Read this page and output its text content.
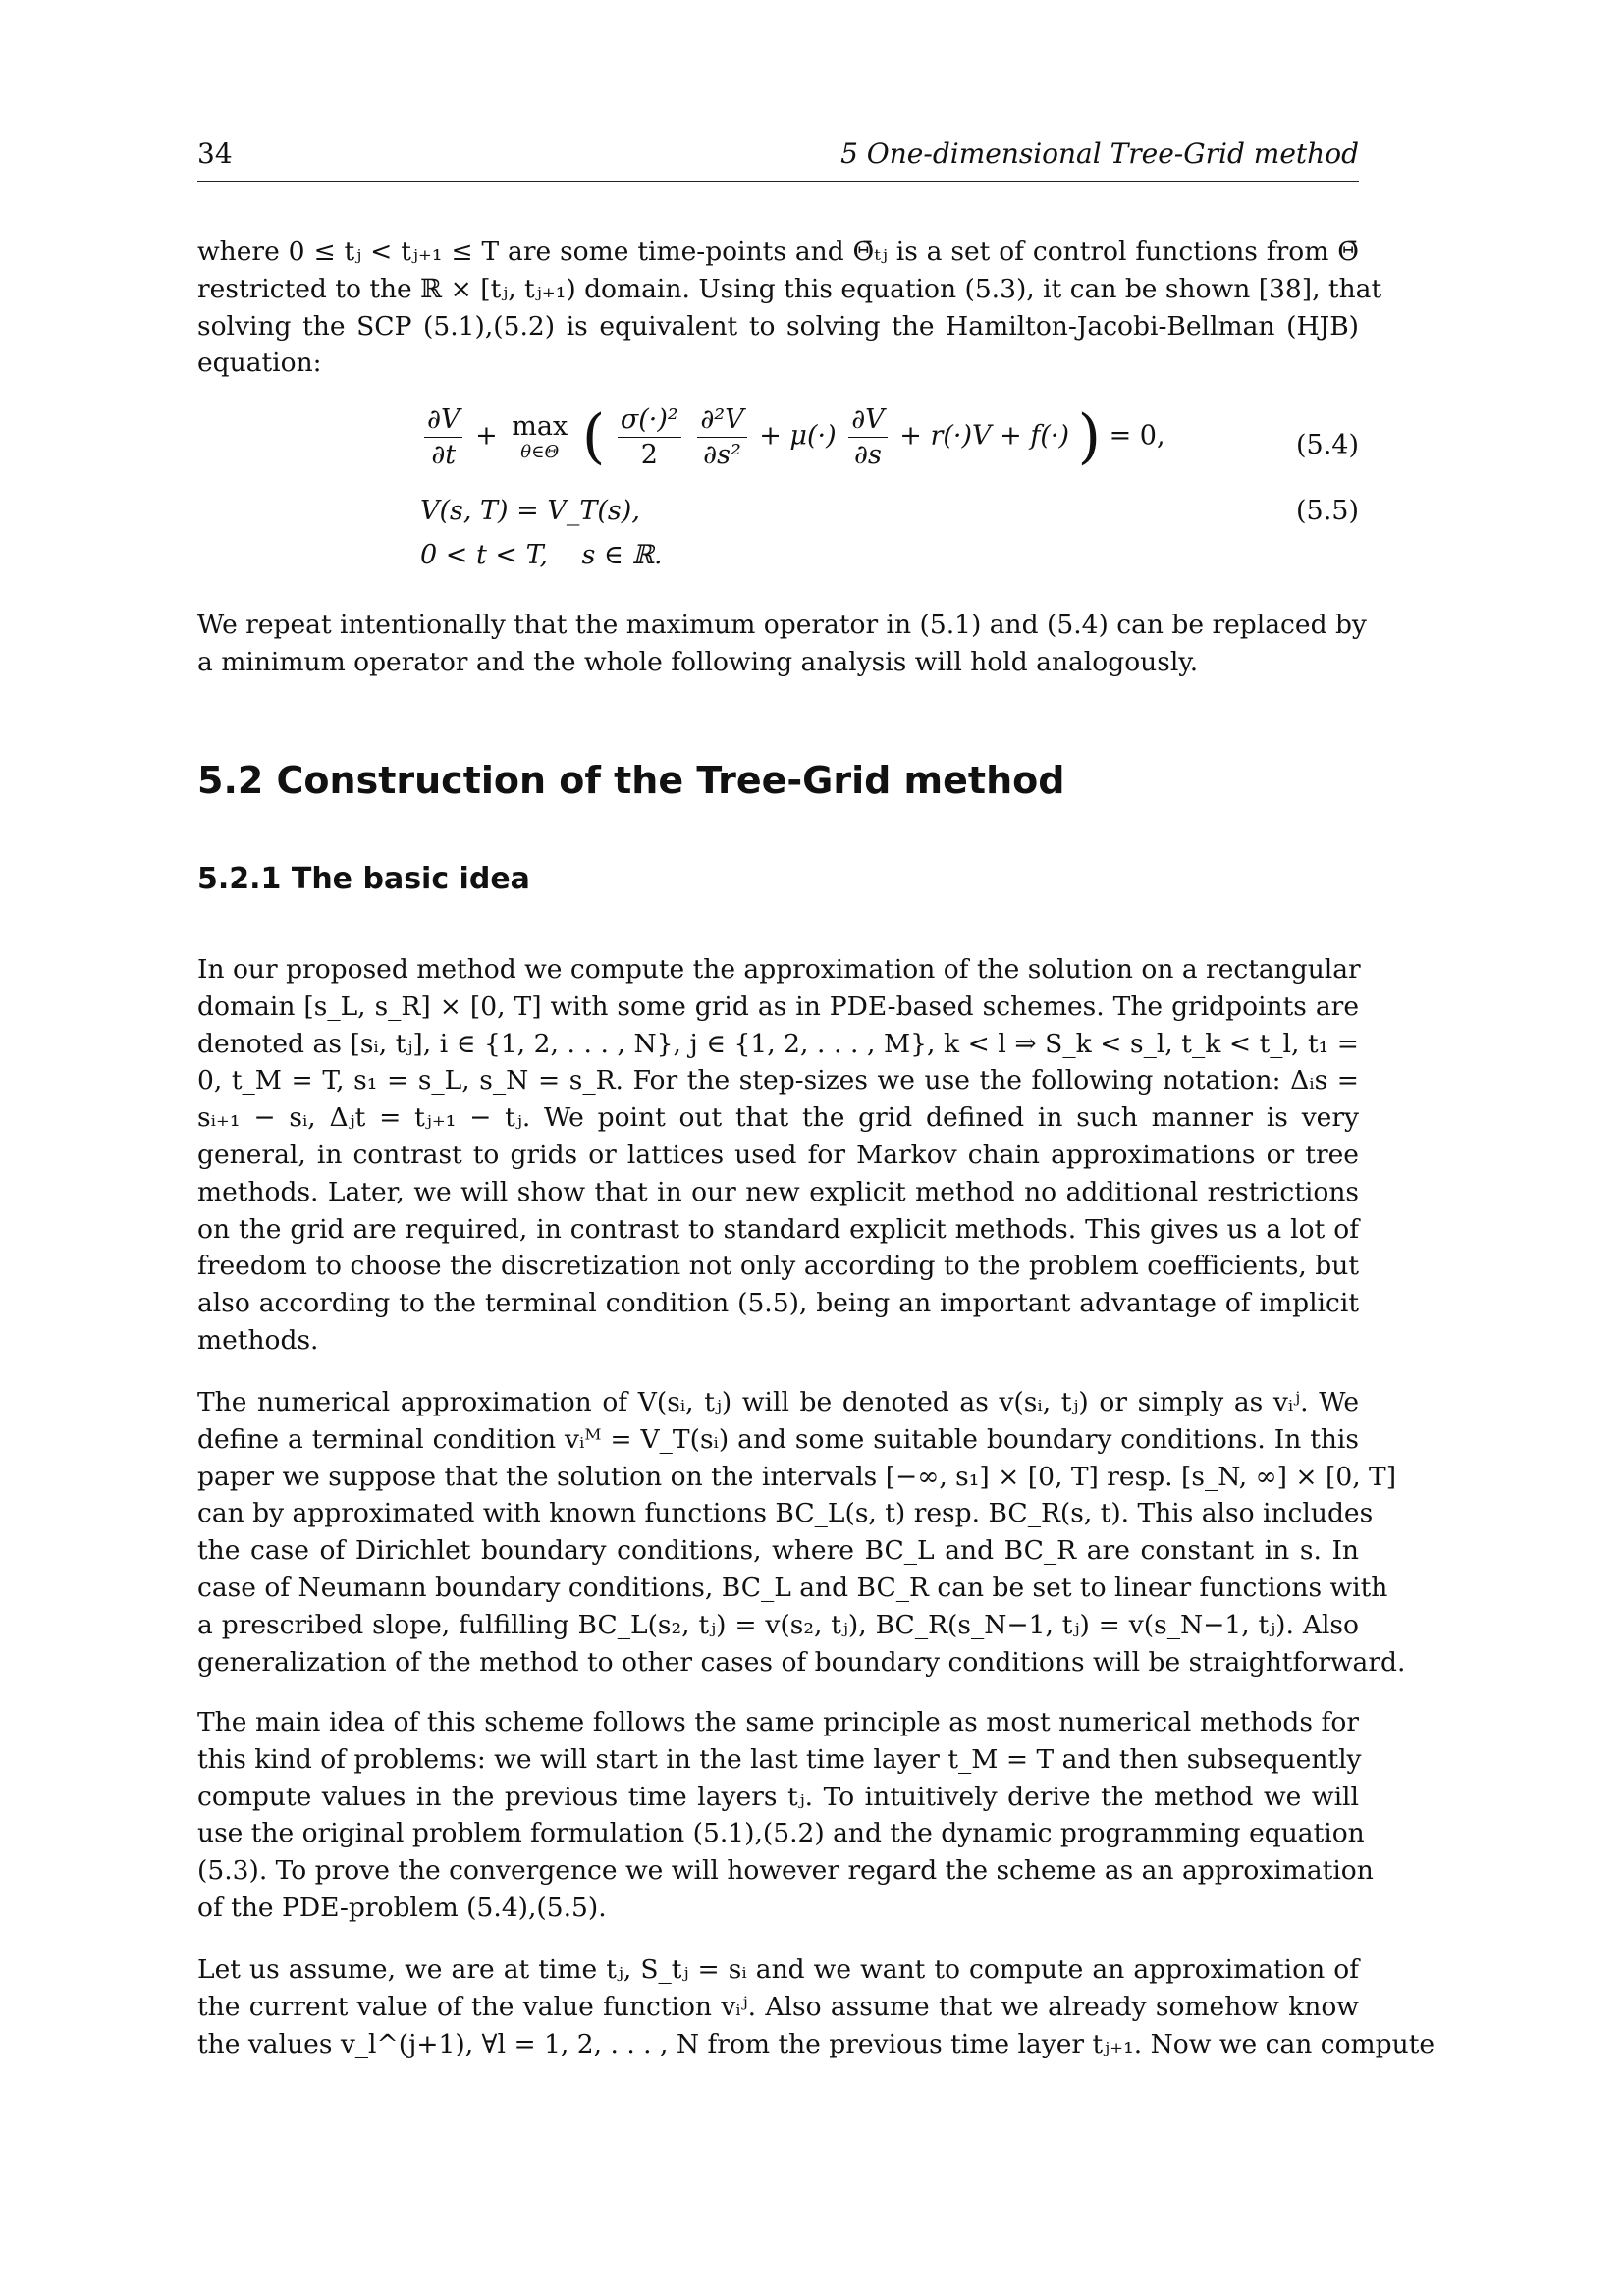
34	5 One-dimensional Tree-Grid method
where 0 ≤ tⱼ < tⱼ₊₁ ≤ T are some time-points and Θ̄ₜⱼ is a set of control functions from Θ̄
restricted to the ℝ × [tⱼ, tⱼ₊₁) domain. Using this equation (5.3), it can be shown [38], that
solving the SCP (5.1),(5.2) is equivalent to solving the Hamilton-Jacobi-Bellman (HJB)
equation:
$\frac{\partial V}{\partial t} + \max$
θ∈Θ ( $\frac{\text{σ(·)²}}{2}$
$\frac{\text{∂²V}}{\text{∂s²}} + \mu(\cdot) \frac{\partial V}{\partial s} + r(\cdot)V + f(\cdot)$ ) = 0,	(5.4)
V(s, T) = V_T(s),	(5.5)
0 < t < T,    s ∈ ℝ.
We repeat intentionally that the maximum operator in (5.1) and (5.4) can be replaced by
a minimum operator and the whole following analysis will hold analogously.
5.2 Construction of the Tree-Grid method
5.2.1 The basic idea
In our proposed method we compute the approximation of the solution on a rectangular
domain [s_L, s_R] × [0, T] with some grid as in PDE-based schemes. The gridpoints are
denoted as [sᵢ, tⱼ], i ∈ {1, 2, . . . , N}, j ∈ {1, 2, . . . , M}, k < l ⇒ S_k < s_l, t_k < t_l, t₁ =
0, t_M = T, s₁ = s_L, s_N = s_R. For the step-sizes we use the following notation: Δᵢs =
sᵢ₊₁ − sᵢ, Δⱼt = tⱼ₊₁ − tⱼ. We point out that the grid defined in such manner is very
general, in contrast to grids or lattices used for Markov chain approximations or tree
methods. Later, we will show that in our new explicit method no additional restrictions
on the grid are required, in contrast to standard explicit methods. This gives us a lot of
freedom to choose the discretization not only according to the problem coefficients, but
also according to the terminal condition (5.5), being an important advantage of implicit
methods.
The numerical approximation of V(sᵢ, tⱼ) will be denoted as v(sᵢ, tⱼ) or simply as vᵢʲ. We
define a terminal condition vᵢᴹ = V_T(sᵢ) and some suitable boundary conditions. In this
paper we suppose that the solution on the intervals [−∞, s₁] × [0, T] resp. [s_N, ∞] × [0, T]
can by approximated with known functions BC_L(s, t) resp. BC_R(s, t). This also includes
the case of Dirichlet boundary conditions, where BC_L and BC_R are constant in s. In
case of Neumann boundary conditions, BC_L and BC_R can be set to linear functions with
a prescribed slope, fulfilling BC_L(s₂, tⱼ) = v(s₂, tⱼ), BC_R(s_N−1, tⱼ) = v(s_N−1, tⱼ). Also
generalization of the method to other cases of boundary conditions will be straightforward.
The main idea of this scheme follows the same principle as most numerical methods for
this kind of problems: we will start in the last time layer t_M = T and then subsequently
compute values in the previous time layers tⱼ. To intuitively derive the method we will
use the original problem formulation (5.1),(5.2) and the dynamic programming equation
(5.3). To prove the convergence we will however regard the scheme as an approximation
of the PDE-problem (5.4),(5.5).
Let us assume, we are at time tⱼ, S_tⱼ = sᵢ and we want to compute an approximation of
the current value of the value function vᵢʲ. Also assume that we already somehow know
the values v_l^(j+1), ∀l = 1, 2, . . . , N from the previous time layer tⱼ₊₁. Now we can compute
